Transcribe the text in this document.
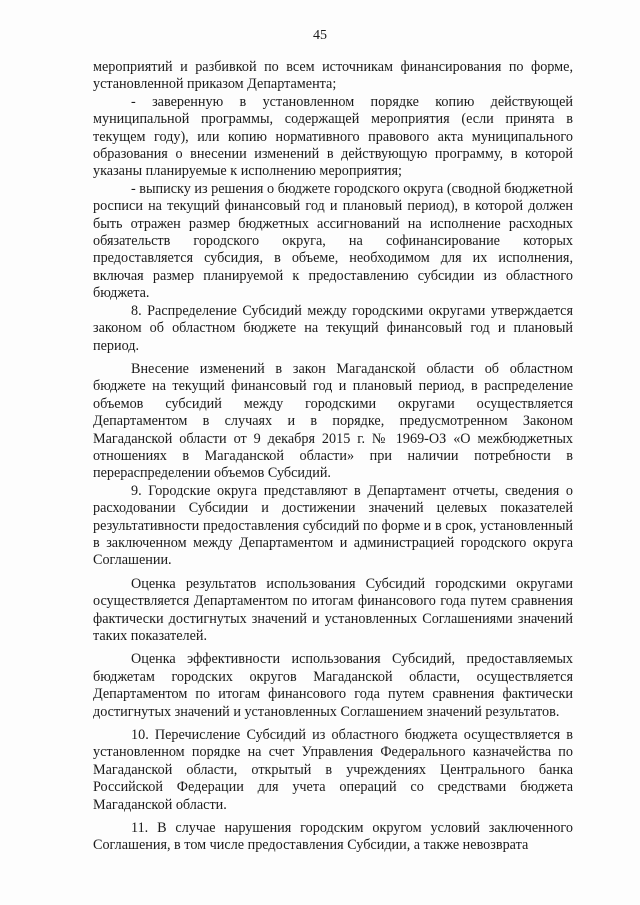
45

мероприятий и разбивкой по всем источникам финансирования по форме, установленной приказом Департамента;

- заверенную в установленном порядке копию действующей муниципальной программы, содержащей мероприятия (если принята в текущем году), или копию нормативного правового акта муниципального образования о внесении изменений в действующую программу, в которой указаны планируемые к исполнению мероприятия;

- выписку из решения о бюджете городского округа (сводной бюджетной росписи на текущий финансовый год и плановый период), в которой должен быть отражен размер бюджетных ассигнований на исполнение расходных обязательств городского округа, на софинансирование которых предоставляется субсидия, в объеме, необходимом для их исполнения, включая размер планируемой к предоставлению субсидии из областного бюджета.

8. Распределение Субсидий между городскими округами утверждается законом об областном бюджете на текущий финансовый год и плановый период.

Внесение изменений в закон Магаданской области об областном бюджете на текущий финансовый год и плановый период, в распределение объемов субсидий между городскими округами осуществляется Департаментом в случаях и в порядке, предусмотренном Законом Магаданской области от 9 декабря 2015 г. № 1969-ОЗ «О межбюджетных отношениях в Магаданской области» при наличии потребности в перераспределении объемов Субсидий.

9. Городские округа представляют в Департамент отчеты, сведения о расходовании Субсидии и достижении значений целевых показателей результативности предоставления субсидий по форме и в срок, установленный в заключенном между Департаментом и администрацией городского округа Соглашении.

Оценка результатов использования Субсидий городскими округами осуществляется Департаментом по итогам финансового года путем сравнения фактически достигнутых значений и установленных Соглашениями значений таких показателей.

Оценка эффективности использования Субсидий, предоставляемых бюджетам городских округов Магаданской области, осуществляется Департаментом по итогам финансового года путем сравнения фактически достигнутых значений и установленных Соглашением значений результатов.

10. Перечисление Субсидий из областного бюджета осуществляется в установленном порядке на счет Управления Федерального казначейства по Магаданской области, открытый в учреждениях Центрального банка Российской Федерации для учета операций со средствами бюджета Магаданской области.

11. В случае нарушения городским округом условий заключенного Соглашения, в том числе предоставления Субсидии, а также невозврата
